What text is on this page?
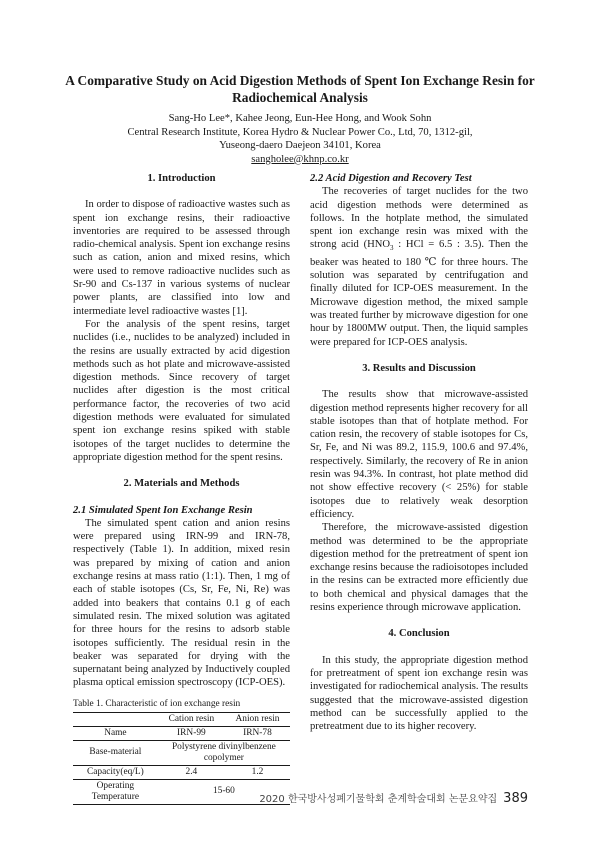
A Comparative Study on Acid Digestion Methods of Spent Ion Exchange Resin for Radiochemical Analysis
Sang-Ho Lee*, Kahee Jeong, Eun-Hee Hong, and Wook Sohn
Central Research Institute, Korea Hydro & Nuclear Power Co., Ltd, 70, 1312-gil,
Yuseong-daero Daejeon 34101, Korea
sangholee@khnp.co.kr
1. Introduction

In order to dispose of radioactive wastes such as spent ion exchange resins, their radioactive inventories are required to be assessed through radio-chemical analysis. Spent ion exchange resins such as cation, anion and mixed resins, which were used to remove radioactive nuclides such as Sr-90 and Cs-137 in various systems of nuclear power plants, are classified into low and intermediate level radioactive wastes [1].

For the analysis of the spent resins, target nuclides (i.e., nuclides to be analyzed) included in the resins are usually extracted by acid digestion methods such as hot plate and microwave-assisted digestion methods. Since recovery of target nuclides after digestion is the most critical performance factor, the recoveries of two acid digestion methods were evaluated for simulated spent ion exchange resins spiked with stable isotopes of the target nuclides to determine the appropriate digestion method for the spent resins.

2. Materials and Methods
2.1 Simulated Spent Ion Exchange Resin

The simulated spent cation and anion resins were prepared using IRN-99 and IRN-78, respectively (Table 1). In addition, mixed resin was prepared by mixing of cation and anion exchange resins at mass ratio (1:1). Then, 1 mg of each of stable isotopes (Cs, Sr, Fe, Ni, Re) was added into beakers that contains 0.1 g of each simulated resin. The mixed solution was agitated for three hours for the resins to adsorb stable isotopes sufficiently. The residual resin in the beaker was separated for drying with the supernatant being analyzed by Inductively coupled plasma optical emission spectroscopy (ICP-OES).

Table 1. Characteristic of ion exchange resin
	Cation resin	Anion resin
Name	IRN-99	IRN-78
Base-material	Polystyrene divinylbenzene copolymer	
Capacity(eq/L)	2.4	1.2
Operating Temperature	15-60	
2.2 Acid Digestion and Recovery Test

The recoveries of target nuclides for the two acid digestion methods were determined as follows. In the hotplate method, the simulated spent ion exchange resin was mixed with the strong acid ($HNO_3$ : HCl = 6.5 : 3.5). Then the beaker was heated to 180 ℃ for three hours. The solution was separated by centrifugation and finally diluted for ICP-OES measurement. In the Microwave digestion method, the mixed sample was treated further by microwave digestion for one hour by 1800MW output. Then, the liquid samples were prepared for ICP-OES analysis.

3. Results and Discussion

The results show that microwave-assisted digestion method represents higher recovery for all stable isotopes than that of hotplate method. For cation resin, the recovery of stable isotopes for Cs, Sr, Fe, and Ni was 89.2, 115.9, 100.6 and 97.4%, respectively. Similarly, the recovery of Re in anion resin was 94.3%. In contrast, hot plate method did not show effective recovery (< 25%) for stable isotopes due to relatively weak desorption efficiency.

Therefore, the microwave-assisted digestion method was determined to be the appropriate digestion method for the pretreatment of spent ion exchange resins because the radioisotopes included in the resins can be extracted more efficiently due to both chemical and physical damages that the resins experience through microwave application.

4. Conclusion

In this study, the appropriate digestion method for pretreatment of spent ion exchange resin was investigated for radiochemical analysis. The results suggested that the microwave-assisted digestion method can be successfully applied to the pretreatment due to its higher recovery.

2020 한국방사성폐기물학회 춘계학술대회 논문요약집 389
